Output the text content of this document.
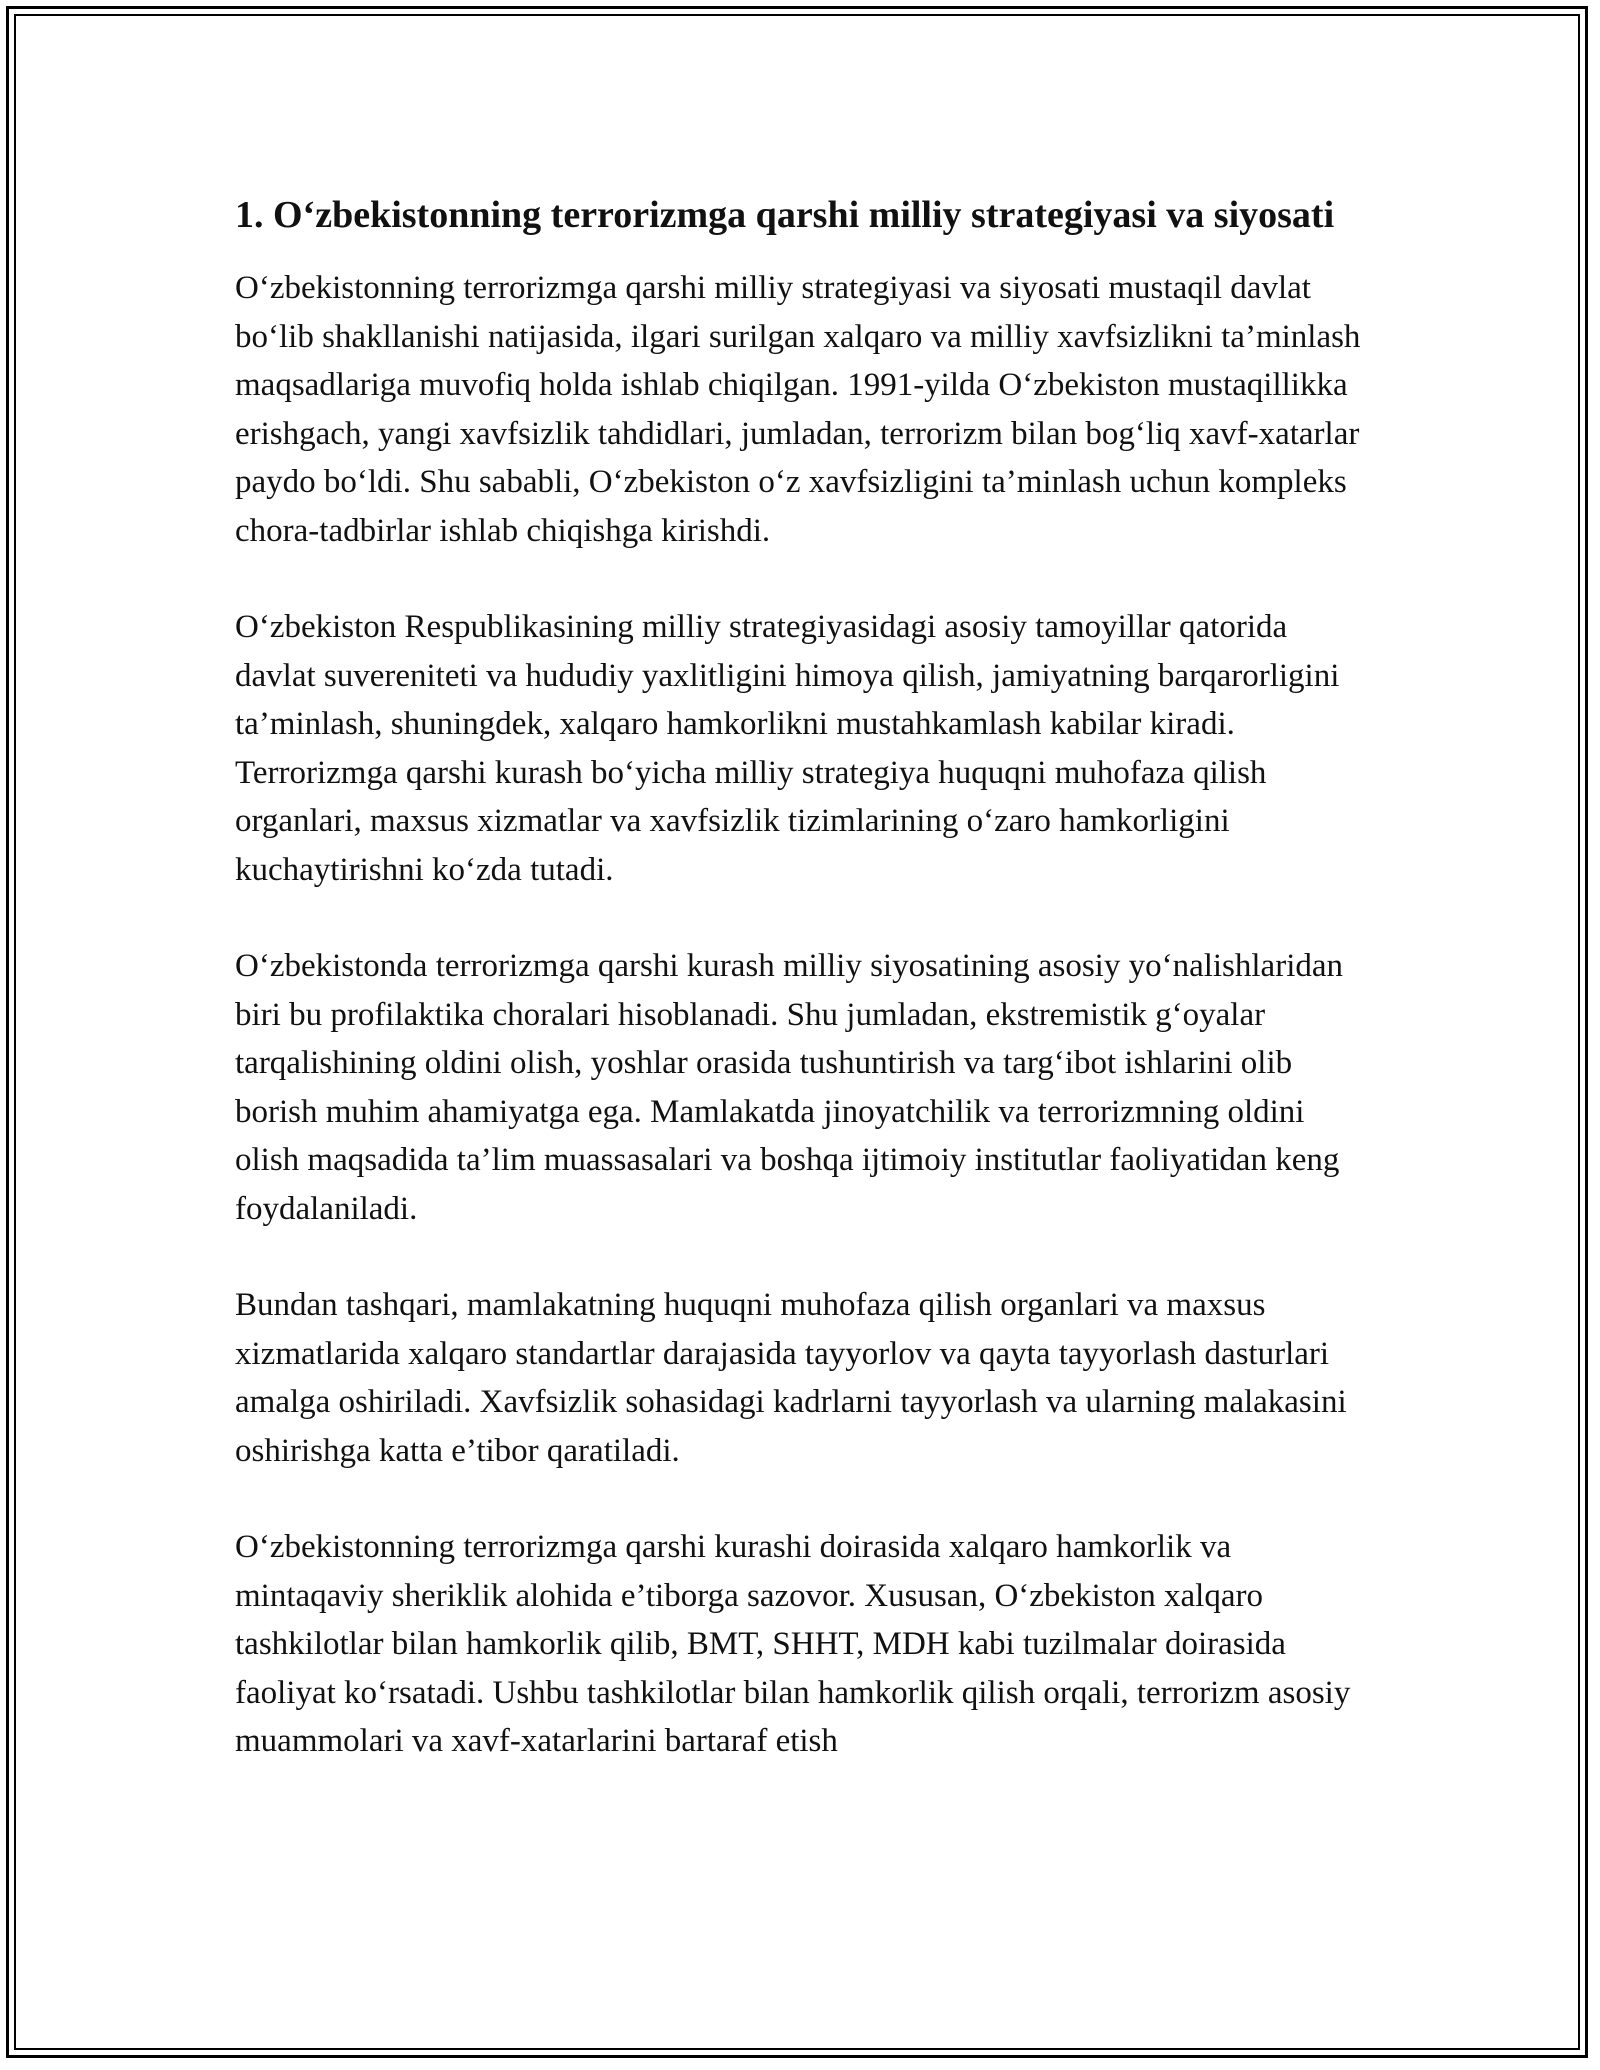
1. O‘zbekistonning terrorizmga qarshi milliy strategiyasi va siyosati

O‘zbekistonning terrorizmga qarshi milliy strategiyasi va siyosati mustaqil davlat bo‘lib shakllanishi natijasida, ilgari surilgan xalqaro va milliy xavfsizlikni ta’minlash maqsadlariga muvofiq holda ishlab chiqilgan. 1991-yilda O‘zbekiston mustaqillikka erishgach, yangi xavfsizlik tahdidlari, jumladan, terrorizm bilan bog‘liq xavf-xatarlar paydo bo‘ldi. Shu sababli, O‘zbekiston o‘z xavfsizligini ta’minlash uchun kompleks chora-tadbirlar ishlab chiqishga kirishdi.

O‘zbekiston Respublikasining milliy strategiyasidagi asosiy tamoyillar qatorida davlat suvereniteti va hududiy yaxlitligini himoya qilish, jamiyatning barqarorligini ta’minlash, shuningdek, xalqaro hamkorlikni mustahkamlash kabilar kiradi. Terrorizmga qarshi kurash bo‘yicha milliy strategiya huquqni muhofaza qilish organlari, maxsus xizmatlar va xavfsizlik tizimlarining o‘zaro hamkorligini kuchaytirishni ko‘zda tutadi.

O‘zbekistonda terrorizmga qarshi kurash milliy siyosatining asosiy yo‘nalishlaridan biri bu profilaktika choralari hisoblanadi. Shu jumladan, ekstremistik g‘oyalar tarqalishining oldini olish, yoshlar orasida tushuntirish va targ‘ibot ishlarini olib borish muhim ahamiyatga ega. Mamlakatda jinoyatchilik va terrorizmning oldini olish maqsadida ta’lim muassasalari va boshqa ijtimoiy institutlar faoliyatidan keng foydalaniladi.

Bundan tashqari, mamlakatning huquqni muhofaza qilish organlari va maxsus xizmatlarida xalqaro standartlar darajasida tayyorlov va qayta tayyorlash dasturlari amalga oshiriladi. Xavfsizlik sohasidagi kadrlarni tayyorlash va ularning malakasini oshirishga katta e’tibor qaratiladi.

O‘zbekistonning terrorizmga qarshi kurashi doirasida xalqaro hamkorlik va mintaqaviy sheriklik alohida e’tiborga sazovor. Xususan, O‘zbekiston xalqaro tashkilotlar bilan hamkorlik qilib, BMT, SHHT, MDH kabi tuzilmalar doirasida faoliyat ko‘rsatadi. Ushbu tashkilotlar bilan hamkorlik qilish orqali, terrorizm asosiy muammolari va xavf-xatarlarini bartaraf etish
